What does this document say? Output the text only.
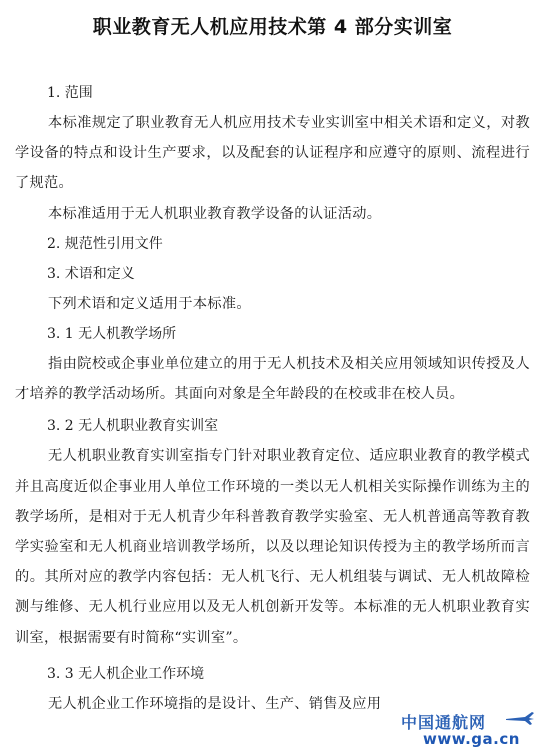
职业教育无人机应用技术第 4 部分实训室
1. 范围

本标准规定了职业教育无人机应用技术专业实训室中相关术语和定义，对教学设备的特点和设计生产要求，以及配套的认证程序和应遵守的原则、流程进行了规范。

本标准适用于无人机职业教育教学设备的认证活动。

2. 规范性引用文件
3. 术语和定义

下列术语和定义适用于本标准。

3. 1 无人机教学场所

指由院校或企事业单位建立的用于无人机技术及相关应用领域知识传授及人才培养的教学活动场所。其面向对象是全年龄段的在校或非在校人员。

3. 2 无人机职业教育实训室

无人机职业教育实训室指专门针对职业教育定位、适应职业教育的教学模式并且高度近似企事业用人单位工作环境的一类以无人机相关实际操作训练为主的教学场所，是相对于无人机青少年科普教育教学实验室、无人机普通高等教育教学实验室和无人机商业培训教学场所，以及以理论知识传授为主的教学场所而言的。其所对应的教学内容包括：无人机飞行、无人机组装与调试、无人机故障检测与维修、无人机行业应用以及无人机创新开发等。本标准的无人机职业教育实训室，根据需要有时简称“实训室”。

3. 3 无人机企业工作环境

无人机企业工作环境指的是设计、生产、销售及应用

中国通航网
www.ga.cn
